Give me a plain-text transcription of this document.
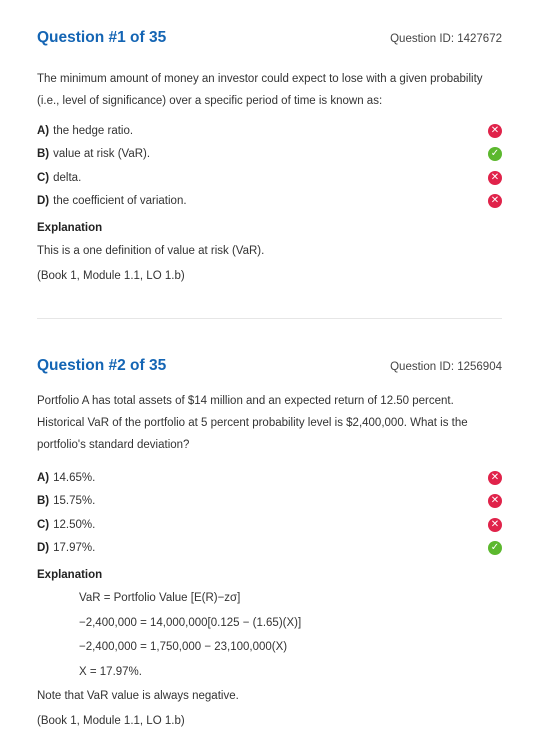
Question #1 of 35	Question ID: 1427672

The minimum amount of money an investor could expect to lose with a given probability (i.e., level of significance) over a specific period of time is known as:

A) the hedge ratio.	✕
B) value at risk (VaR).	✓
C) delta.	✕
D) the coefficient of variation.	✕
Explanation

This is a one definition of value at risk (VaR).

(Book 1, Module 1.1, LO 1.b)

Question #2 of 35	Question ID: 1256904

Portfolio A has total assets of $14 million and an expected return of 12.50 percent. Historical VaR of the portfolio at 5 percent probability level is $2,400,000. What is the portfolio's standard deviation?

A) 14.65%.	✕
B) 15.75%.	✕
C) 12.50%.	✕
D) 17.97%.	✓
Explanation

VaR = Portfolio Value [E(R)−zσ]

−2,400,000 = 14,000,000[0.125 − (1.65)(X)]

−2,400,000 = 1,750,000 − 23,100,000(X)

X = 17.97%.

Note that VaR value is always negative.

(Book 1, Module 1.1, LO 1.b)
